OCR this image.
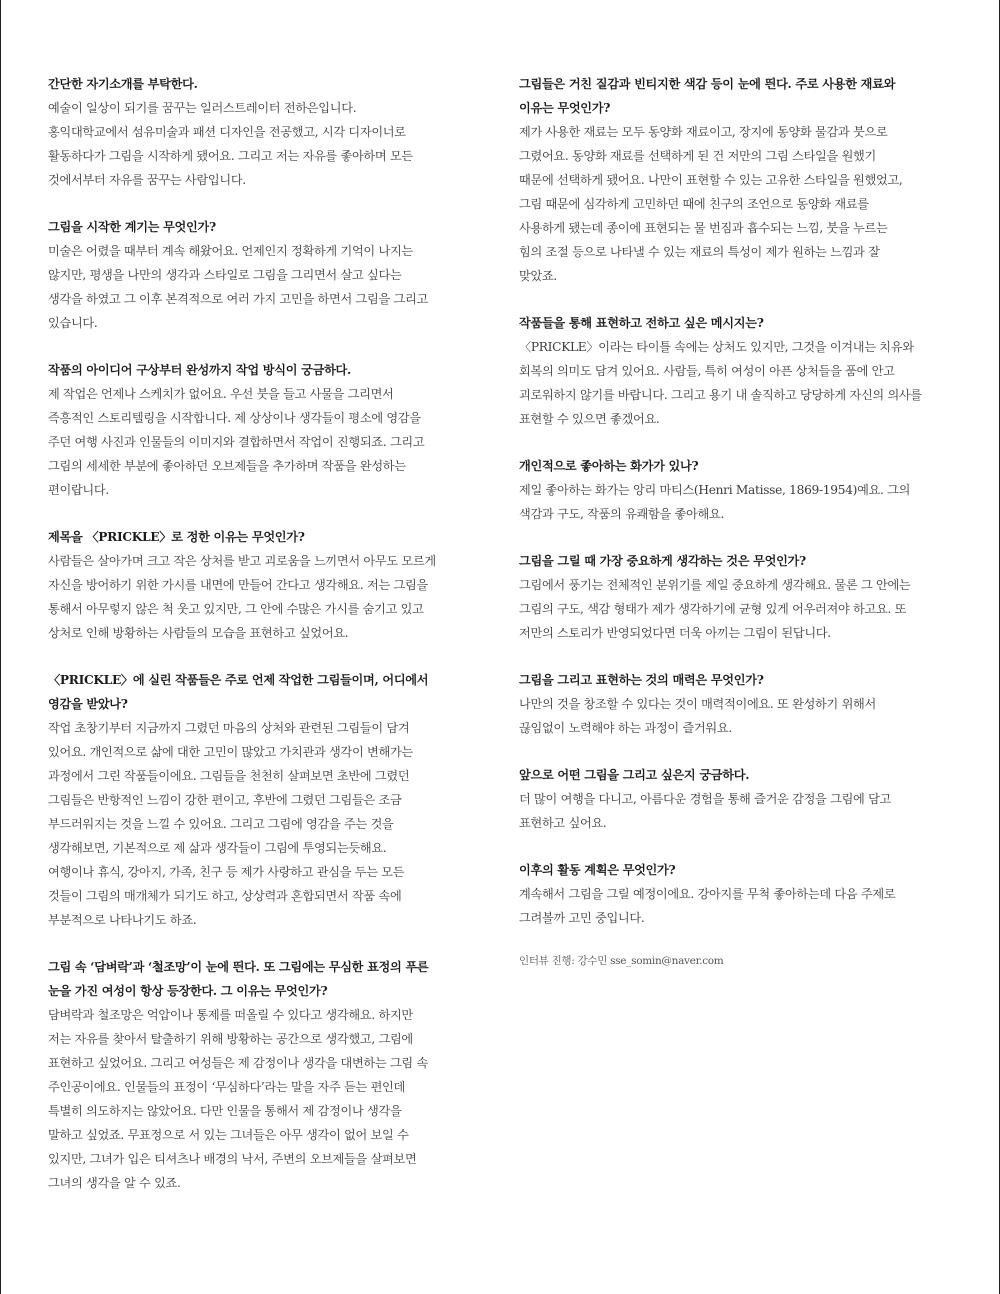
간단한 자기소개를 부탁한다.

예술이 일상이 되기를 꿈꾸는 일러스트레이터 전하은입니다.

홍익대학교에서 섬유미술과 패션 디자인을 전공했고, 시각 디자이너로

활동하다가 그림을 시작하게 됐어요. 그리고 저는 자유를 좋아하며 모든

것에서부터 자유를 꿈꾸는 사람입니다.

그림을 시작한 계기는 무엇인가?

미술은 어렸을 때부터 계속 해왔어요. 언제인지 정확하게 기억이 나지는

않지만, 평생을 나만의 생각과 스타일로 그림을 그리면서 살고 싶다는

생각을 하였고 그 이후 본격적으로 여러 가지 고민을 하면서 그림을 그리고

있습니다.

작품의 아이디어 구상부터 완성까지 작업 방식이 궁금하다.

제 작업은 언제나 스케치가 없어요. 우선 붓을 들고 사물을 그리면서

즉흥적인 스토리텔링을 시작합니다. 제 상상이나 생각들이 평소에 영감을

주던 여행 사진과 인물들의 이미지와 결합하면서 작업이 진행되죠. 그리고

그림의 세세한 부분에 좋아하던 오브제들을 추가하며 작품을 완성하는

편이랍니다.

제목을 〈PRICKLE〉로 정한 이유는 무엇인가?

사람들은 살아가며 크고 작은 상처를 받고 괴로움을 느끼면서 아무도 모르게

자신을 방어하기 위한 가시를 내면에 만들어 간다고 생각해요. 저는 그림을

통해서 아무렇지 않은 척 웃고 있지만, 그 안에 수많은 가시를 숨기고 있고

상처로 인해 방황하는 사람들의 모습을 표현하고 싶었어요.

〈PRICKLE〉에 실린 작품들은 주로 언제 작업한 그림들이며, 어디에서

영감을 받았나?

작업 초창기부터 지금까지 그렸던 마음의 상처와 관련된 그림들이 담겨

있어요. 개인적으로 삶에 대한 고민이 많았고 가치관과 생각이 변해가는

과정에서 그린 작품들이에요. 그림들을 천천히 살펴보면 초반에 그렸던

그림들은 반항적인 느낌이 강한 편이고, 후반에 그렸던 그림들은 조금

부드러워지는 것을 느낄 수 있어요. 그리고 그림에 영감을 주는 것을

생각해보면, 기본적으로 제 삶과 생각들이 그림에 투영되는듯해요.

여행이나 휴식, 강아지, 가족, 친구 등 제가 사랑하고 관심을 두는 모든

것들이 그림의 매개체가 되기도 하고, 상상력과 혼합되면서 작품 속에

부분적으로 나타나기도 하죠.

그림 속 ‘담벼락’과 ‘철조망’이 눈에 띈다. 또 그림에는 무심한 표정의 푸른

눈을 가진 여성이 항상 등장한다. 그 이유는 무엇인가?

담벼락과 철조망은 억압이나 통제를 떠올릴 수 있다고 생각해요. 하지만

저는 자유를 찾아서 탈출하기 위해 방황하는 공간으로 생각했고, 그림에

표현하고 싶었어요. 그리고 여성들은 제 감정이나 생각을 대변하는 그림 속

주인공이에요. 인물들의 표정이 ‘무심하다’라는 말을 자주 듣는 편인데

특별히 의도하지는 않았어요. 다만 인물을 통해서 제 감정이나 생각을

말하고 싶었죠. 무표정으로 서 있는 그녀들은 아무 생각이 없어 보일 수

있지만, 그녀가 입은 티셔츠나 배경의 낙서, 주변의 오브제들을 살펴보면

그녀의 생각을 알 수 있죠.

그림들은 거친 질감과 빈티지한 색감 등이 눈에 띈다. 주로 사용한 재료와

이유는 무엇인가?

제가 사용한 재료는 모두 동양화 재료이고, 장지에 동양화 물감과 붓으로

그렸어요. 동양화 재료를 선택하게 된 건 저만의 그림 스타일을 원했기

때문에 선택하게 됐어요. 나만이 표현할 수 있는 고유한 스타일을 원했었고,

그림 때문에 심각하게 고민하던 때에 친구의 조언으로 동양화 재료를

사용하게 됐는데 종이에 표현되는 물 번짐과 흡수되는 느낌, 붓을 누르는

힘의 조절 등으로 나타낼 수 있는 재료의 특성이 제가 원하는 느낌과 잘

맞았죠.

작품들을 통해 표현하고 전하고 싶은 메시지는?

〈PRICKLE〉이라는 타이틀 속에는 상처도 있지만, 그것을 이겨내는 치유와

회복의 의미도 담겨 있어요. 사람들, 특히 여성이 아픈 상처들을 품에 안고

괴로워하지 않기를 바랍니다. 그리고 용기 내 솔직하고 당당하게 자신의 의사를

표현할 수 있으면 좋겠어요.

개인적으로 좋아하는 화가가 있나?

제일 좋아하는 화가는 앙리 마티스(Henri Matisse, 1869-1954)예요. 그의

색감과 구도, 작품의 유쾌함을 좋아해요.

그림을 그릴 때 가장 중요하게 생각하는 것은 무엇인가?

그림에서 풍기는 전체적인 분위기를 제일 중요하게 생각해요. 물론 그 안에는

그림의 구도, 색감 형태가 제가 생각하기에 균형 있게 어우러져야 하고요. 또

저만의 스토리가 반영되었다면 더욱 아끼는 그림이 된답니다.

그림을 그리고 표현하는 것의 매력은 무엇인가?

나만의 것을 창조할 수 있다는 것이 매력적이에요. 또 완성하기 위해서

끊임없이 노력해야 하는 과정이 즐거워요.

앞으로 어떤 그림을 그리고 싶은지 궁금하다.

더 많이 여행을 다니고, 아름다운 경험을 통해 즐거운 감정을 그림에 담고

표현하고 싶어요.

이후의 활동 계획은 무엇인가?

계속해서 그림을 그릴 예정이에요. 강아지를 무척 좋아하는데 다음 주제로

그려볼까 고민 중입니다.

인터뷰 진행: 강수민 sse_somin@naver.com
